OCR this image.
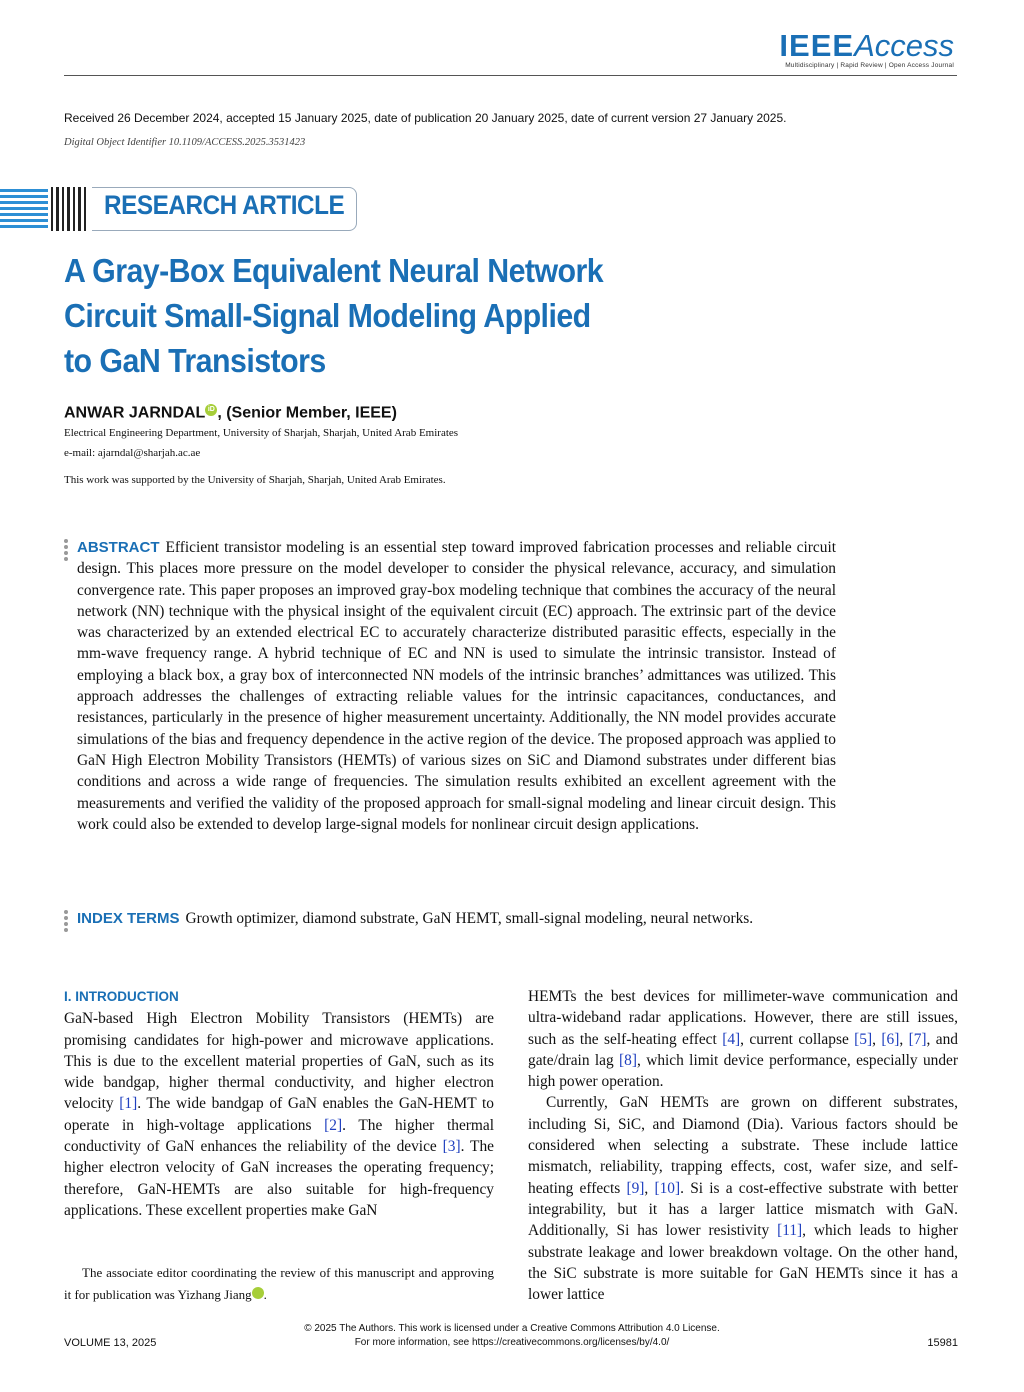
IEEEAccess
Multidisciplinary | Rapid Review | Open Access Journal
Received 26 December 2024, accepted 15 January 2025, date of publication 20 January 2025, date of current version 27 January 2025.
Digital Object Identifier 10.1109/ACCESS.2025.3531423
RESEARCH ARTICLE
A Gray-Box Equivalent Neural Network
Circuit Small-Signal Modeling Applied
to GaN Transistors
ANWAR JARNDAL iD , (Senior Member, IEEE)
Electrical Engineering Department, University of Sharjah, Sharjah, United Arab Emirates
e-mail: ajarndal@sharjah.ac.ae
This work was supported by the University of Sharjah, Sharjah, United Arab Emirates.
ABSTRACT Efficient transistor modeling is an essential step toward improved fabrication processes and reliable circuit design. This places more pressure on the model developer to consider the physical relevance, accuracy, and simulation convergence rate. This paper proposes an improved gray-box modeling technique that combines the accuracy of the neural network (NN) technique with the physical insight of the equivalent circuit (EC) approach. The extrinsic part of the device was characterized by an extended electrical EC to accurately characterize distributed parasitic effects, especially in the mm-wave frequency range. A hybrid technique of EC and NN is used to simulate the intrinsic transistor. Instead of employing a black box, a gray box of interconnected NN models of the intrinsic branches’ admittances was utilized. This approach addresses the challenges of extracting reliable values for the intrinsic capacitances, conductances, and resistances, particularly in the presence of higher measurement uncertainty. Additionally, the NN model provides accurate simulations of the bias and frequency dependence in the active region of the device. The proposed approach was applied to GaN High Electron Mobility Transistors (HEMTs) of various sizes on SiC and Diamond substrates under different bias conditions and across a wide range of frequencies. The simulation results exhibited an excellent agreement with the measurements and verified the validity of the proposed approach for small-signal modeling and linear circuit design. This work could also be extended to develop large-signal models for nonlinear circuit design applications.
INDEX TERMS Growth optimizer, diamond substrate, GaN HEMT, small-signal modeling, neural networks.
I. INTRODUCTION

GaN-based High Electron Mobility Transistors (HEMTs) are promising candidates for high-power and microwave applications. This is due to the excellent material properties of GaN, such as its wide bandgap, higher thermal conductivity, and higher electron velocity [1]. The wide bandgap of GaN enables the GaN-HEMT to operate in high-voltage applications [2]. The higher thermal conductivity of GaN enhances the reliability of the device [3]. The higher electron velocity of GaN increases the operating frequency; therefore, GaN-HEMTs are also suitable for high-frequency applications. These excellent properties make GaN

The associate editor coordinating the review of this manuscript and approving it for publication was Yizhang Jiang	iD.

HEMTs the best devices for millimeter-wave communication and ultra-wideband radar applications. However, there are still issues, such as the self-heating effect [4], current collapse [5], [6], [7], and gate/drain lag [8], which limit device performance, especially under high power operation.

Currently, GaN HEMTs are grown on different substrates, including Si, SiC, and Diamond (Dia). Various factors should be considered when selecting a substrate. These include lattice mismatch, reliability, trapping effects, cost, wafer size, and self-heating effects [9], [10]. Si is a cost-effective substrate with better integrability, but it has a larger lattice mismatch with GaN. Additionally, Si has lower resistivity [11], which leads to higher substrate leakage and lower breakdown voltage. On the other hand, the SiC substrate is more suitable for GaN HEMTs since it has a lower lattice

VOLUME 13, 2025
© 2025 The Authors. This work is licensed under a Creative Commons Attribution 4.0 License.
For more information, see https://creativecommons.org/licenses/by/4.0/	15981
